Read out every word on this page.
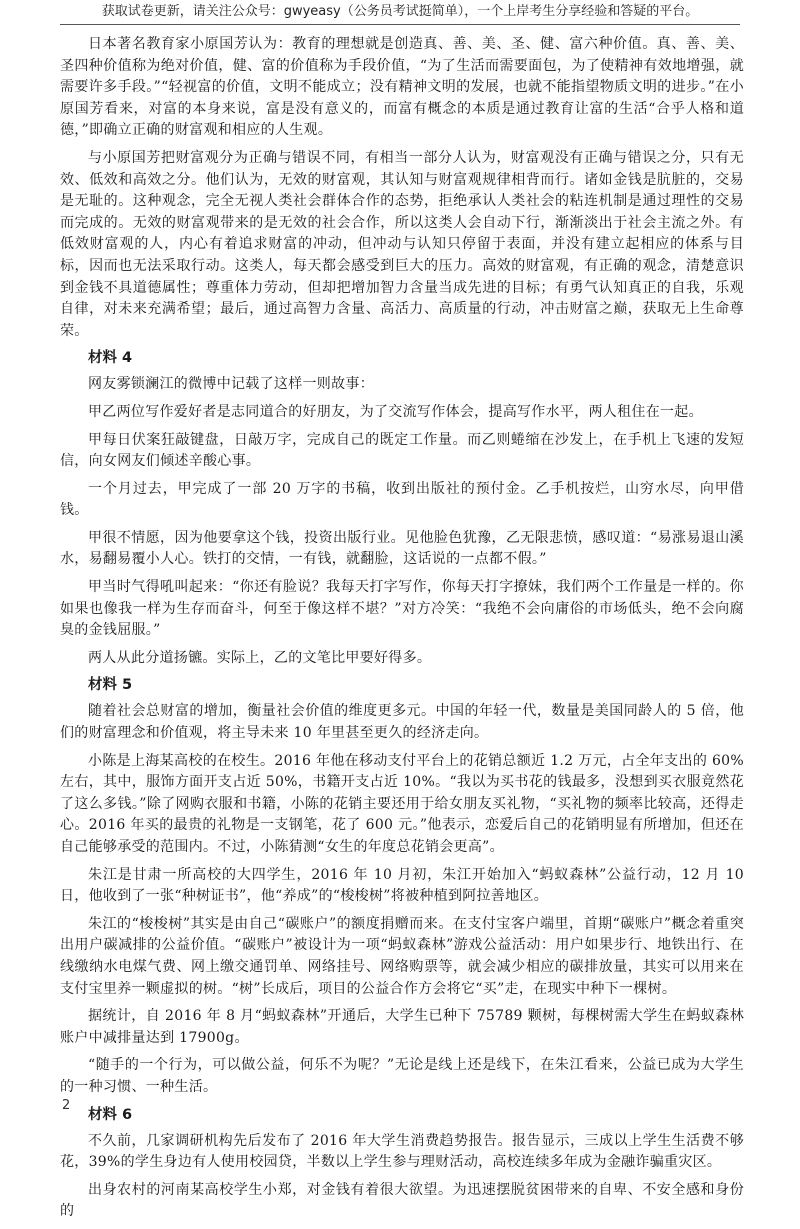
获取试卷更新，请关注公众号：gwyeasy（公务员考试挺简单），一个上岸考生分享经验和答疑的平台。

日本著名教育家小原国芳认为：教育的理想就是创造真、善、美、圣、健、富六种价值。真、善、美、圣四种价值称为绝对价值，健、富的价值称为手段价值，“为了生活而需要面包，为了使精神有效地增强，就需要许多手段。”“轻视富的价值，文明不能成立；没有精神文明的发展，也就不能指望物质文明的进步。”在小原国芳看来，对富的本身来说，富是没有意义的，而富有概念的本质是通过教育让富的生活“合乎人格和道德，”即确立正确的财富观和相应的人生观。

与小原国芳把财富观分为正确与错误不同，有相当一部分人认为，财富观没有正确与错误之分，只有无效、低效和高效之分。他们认为，无效的财富观，其认知与财富观规律相背而行。诸如金钱是肮脏的，交易是无耻的。这种观念，完全无视人类社会群体合作的态势，拒绝承认人类社会的粘连机制是通过理性的交易而完成的。无效的财富观带来的是无效的社会合作，所以这类人会自动下行，渐渐淡出于社会主流之外。有低效财富观的人，内心有着追求财富的冲动，但冲动与认知只停留于表面，并没有建立起相应的体系与目标，因而也无法采取行动。这类人，每天都会感受到巨大的压力。高效的财富观，有正确的观念，清楚意识到金钱不具道德属性；尊重体力劳动，但却把增加智力含量当成先进的目标；有勇气认知真正的自我，乐观自律，对未来充满希望；最后，通过高智力含量、高活力、高质量的行动，冲击财富之巅，获取无上生命尊荣。

材料 4

网友雾锁澜江的微博中记载了这样一则故事：

甲乙两位写作爱好者是志同道合的好朋友，为了交流写作体会，提高写作水平，两人租住在一起。

甲每日伏案狂敲键盘，日敲万字，完成自己的既定工作量。而乙则蜷缩在沙发上，在手机上飞速的发短信，向女网友们倾述辛酸心事。

一个月过去，甲完成了一部 20 万字的书稿，收到出版社的预付金。乙手机按烂，山穷水尽，向甲借钱。

甲很不情愿，因为他要拿这个钱，投资出版行业。见他脸色犹豫，乙无限悲愤，感叹道：“易涨易退山溪水，易翻易覆小人心。铁打的交情，一有钱，就翻脸，这话说的一点都不假。”

甲当时气得吼叫起来：“你还有脸说？我每天打字写作，你每天打字撩妹，我们两个工作量是一样的。你如果也像我一样为生存而奋斗，何至于像这样不堪？”对方冷笑：“我绝不会向庸俗的市场低头，绝不会向腐臭的金钱屈服。”

两人从此分道扬镳。实际上，乙的文笔比甲要好得多。

材料 5

随着社会总财富的增加，衡量社会价值的维度更多元。中国的年轻一代，数量是美国同龄人的 5 倍，他们的财富理念和价值观，将主导未来 10 年里甚至更久的经济走向。

小陈是上海某高校的在校生。2016 年他在移动支付平台上的花销总额近 1.2 万元，占全年支出的 60%左右，其中，服饰方面开支占近 50%，书籍开支占近 10%。“我以为买书花的钱最多，没想到买衣服竟然花了这么多钱。”除了网购衣服和书籍，小陈的花销主要还用于给女朋友买礼物，“买礼物的频率比较高，还得走心。2016 年买的最贵的礼物是一支钢笔，花了 600 元。”他表示，恋爱后自己的花销明显有所增加，但还在自己能够承受的范围内。不过，小陈猜测“女生的年度总花销会更高”。

朱江是甘肃一所高校的大四学生，2016 年 10 月初，朱江开始加入“蚂蚁森林”公益行动，12 月 10 日，他收到了一张“种树证书”，他“养成”的“梭梭树”将被种植到阿拉善地区。

朱江的“梭梭树”其实是由自己“碳账户”的额度捐赠而来。在支付宝客户端里，首期“碳账户”概念着重突出用户碳减排的公益价值。“碳账户”被设计为一项“蚂蚁森林”游戏公益活动：用户如果步行、地铁出行、在线缴纳水电煤气费、网上缴交通罚单、网络挂号、网络购票等，就会减少相应的碳排放量，其实可以用来在支付宝里养一颗虚拟的树。“树”长成后，项目的公益合作方会将它“买”走，在现实中种下一棵树。

据统计，自 2016 年 8 月“蚂蚁森林”开通后，大学生已种下 75789 颗树，每棵树需大学生在蚂蚁森林账户中减排量达到 17900g。

“随手的一个行为，可以做公益，何乐不为呢？”无论是线上还是线下，在朱江看来，公益已成为大学生的一种习惯、一种生活。

材料 6

不久前，几家调研机构先后发布了 2016 年大学生消费趋势报告。报告显示，三成以上学生生活费不够花，39%的学生身边有人使用校园贷，半数以上学生参与理财活动，高校连续多年成为金融诈骗重灾区。

出身农村的河南某高校学生小郑，对金钱有着很大欲望。为迅速摆脱贫困带来的自卑、不安全感和身份的

2
